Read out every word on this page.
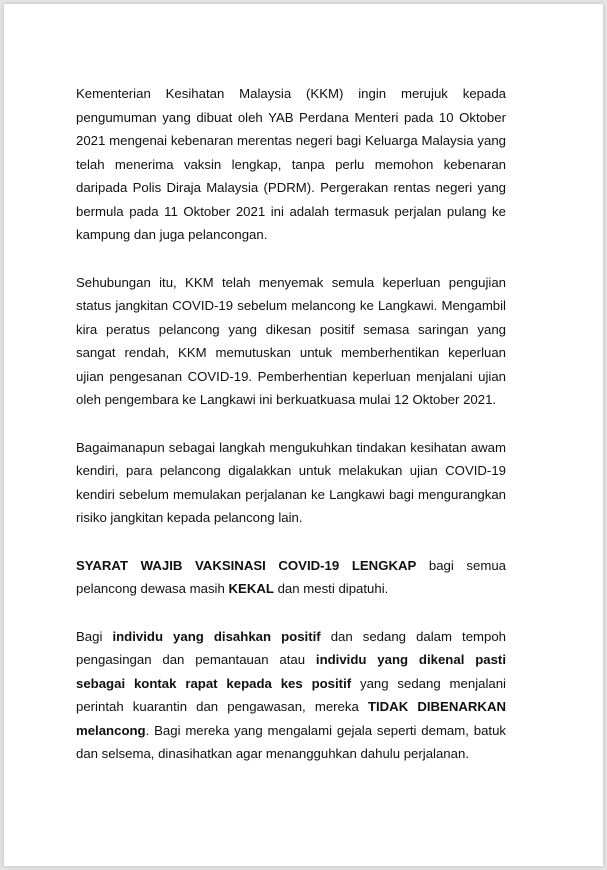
Kementerian Kesihatan Malaysia (KKM) ingin merujuk kepada pengumuman yang dibuat oleh YAB Perdana Menteri pada 10 Oktober 2021 mengenai kebenaran merentas negeri bagi Keluarga Malaysia yang telah menerima vaksin lengkap, tanpa perlu memohon kebenaran daripada Polis Diraja Malaysia (PDRM). Pergerakan rentas negeri yang bermula pada 11 Oktober 2021 ini adalah termasuk perjalan pulang ke kampung dan juga pelancongan.

Sehubungan itu, KKM telah menyemak semula keperluan pengujian status jangkitan COVID-19 sebelum melancong ke Langkawi. Mengambil kira peratus pelancong yang dikesan positif semasa saringan yang sangat rendah, KKM memutuskan untuk memberhentikan keperluan ujian pengesanan COVID-19. Pemberhentian keperluan menjalani ujian oleh pengembara ke Langkawi ini berkuatkuasa mulai 12 Oktober 2021.

Bagaimanapun sebagai langkah mengukuhkan tindakan kesihatan awam kendiri, para pelancong digalakkan untuk melakukan ujian COVID-19 kendiri sebelum memulakan perjalanan ke Langkawi bagi mengurangkan risiko jangkitan kepada pelancong lain.

SYARAT WAJIB VAKSINASI COVID-19 LENGKAP bagi semua pelancong dewasa masih KEKAL dan mesti dipatuhi.

Bagi individu yang disahkan positif dan sedang dalam tempoh pengasingan dan pemantauan atau individu yang dikenal pasti sebagai kontak rapat kepada kes positif yang sedang menjalani perintah kuarantin dan pengawasan, mereka TIDAK DIBENARKAN melancong. Bagi mereka yang mengalami gejala seperti demam, batuk dan selsema, dinasihatkan agar menangguhkan dahulu perjalanan.
